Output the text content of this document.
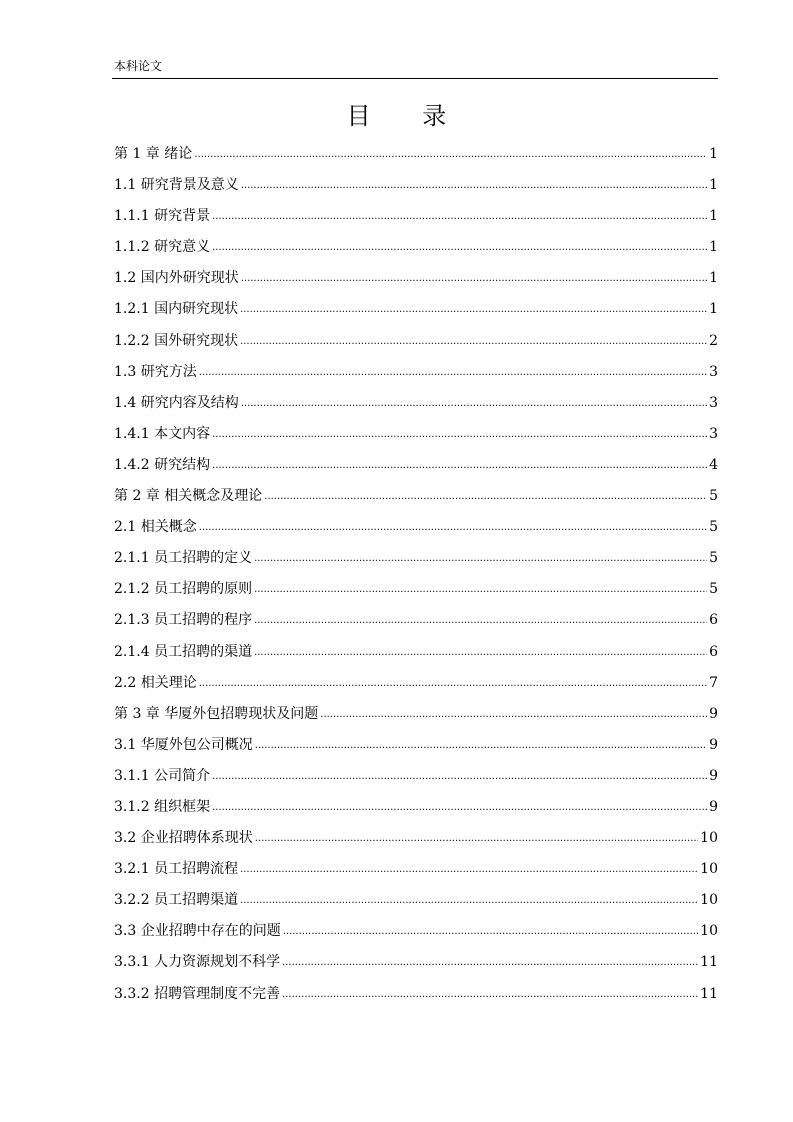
本科论文
目 录
第 1 章 绪论 .....	1
1.1 研究背景及意义 .....	1
1.1.1 研究背景 .....	1
1.1.2 研究意义 .....	1
1.2 国内外研究现状 .....	1
1.2.1 国内研究现状 .....	1
1.2.2 国外研究现状 .....	2
1.3 研究方法 .....	3
1.4 研究内容及结构 .....	3
1.4.1 本文内容 .....	3
1.4.2 研究结构 .....	4
第 2 章 相关概念及理论 .....	5
2.1 相关概念 .....	5
2.1.1 员工招聘的定义 .....	5
2.1.2 员工招聘的原则 .....	5
2.1.3 员工招聘的程序 .....	6
2.1.4 员工招聘的渠道 .....	6
2.2 相关理论 .....	7
第 3 章 华厦外包招聘现状及问题 .....	9
3.1 华厦外包公司概况 .....	9
3.1.1 公司简介 .....	9
3.1.2 组织框架 .....	9
3.2 企业招聘体系现状 .....	10
3.2.1 员工招聘流程 .....	10
3.2.2 员工招聘渠道 .....	10
3.3 企业招聘中存在的问题 .....	10
3.3.1 人力资源规划不科学 .....	11
3.3.2 招聘管理制度不完善 .....	11
